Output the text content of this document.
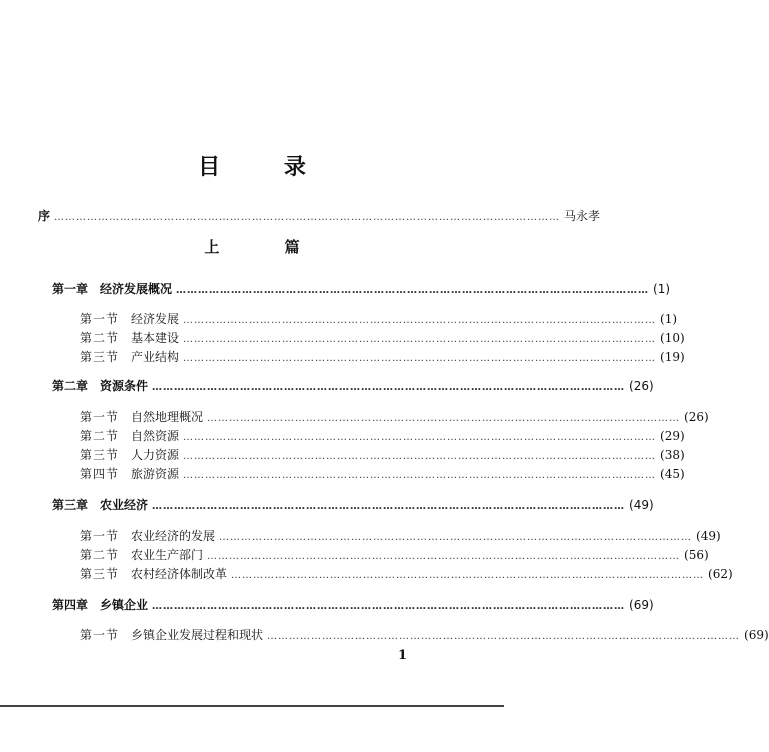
目 录
序 ………………………………………………………………………………………………………………………… 马永孝
上 篇
第一章 经济发展概况 ………………………………………………………………………………………………………………… (1)
第一节 经济发展 ………………………………………………………………………………………………………………… (1)
第二节 基本建设 ………………………………………………………………………………………………………………… (10)
第三节 产业结构 ………………………………………………………………………………………………………………… (19)
第二章 资源条件 ………………………………………………………………………………………………………………… (26)
第一节 自然地理概况 ………………………………………………………………………………………………………………… (26)
第二节 自然资源 ………………………………………………………………………………………………………………… (29)
第三节 人力资源 ………………………………………………………………………………………………………………… (38)
第四节 旅游资源 ………………………………………………………………………………………………………………… (45)
第三章 农业经济 ………………………………………………………………………………………………………………… (49)
第一节 农业经济的发展 ………………………………………………………………………………………………………………… (49)
第二节 农业生产部门 ………………………………………………………………………………………………………………… (56)
第三节 农村经济体制改革 ………………………………………………………………………………………………………………… (62)
第四章 乡镇企业 ………………………………………………………………………………………………………………… (69)
第一节 乡镇企业发展过程和现状 ………………………………………………………………………………………………………………… (69)
1
